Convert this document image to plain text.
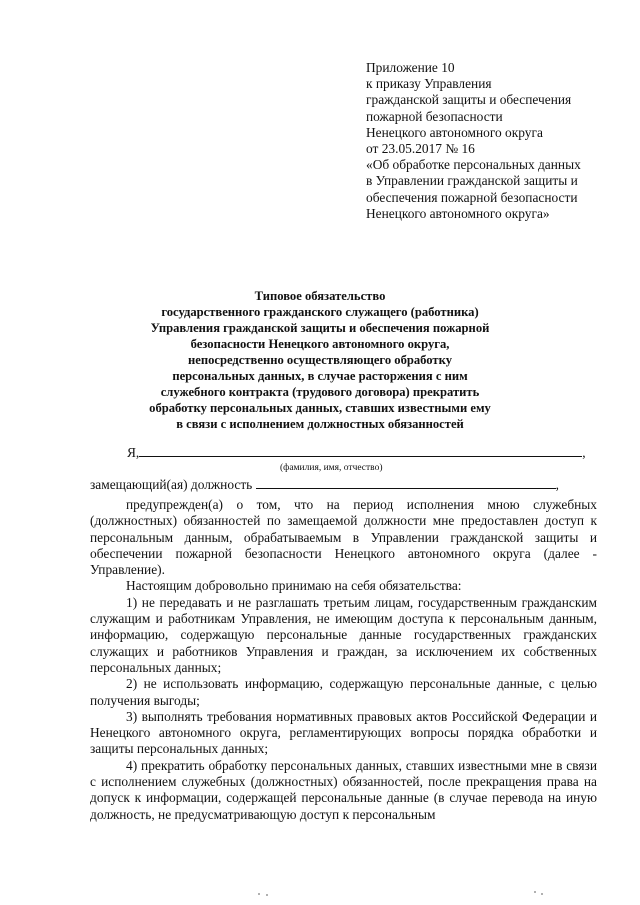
Приложение 10
к приказу Управления
гражданской защиты и обеспечения
пожарной безопасности
Ненецкого автономного округа
от 23.05.2017 № 16
«Об обработке персональных данных
в Управлении гражданской защиты и
обеспечения пожарной безопасности
Ненецкого автономного округа»
Типовое обязательство
государственного гражданского служащего (работника)
Управления гражданской защиты и обеспечения пожарной
безопасности Ненецкого автономного округа,
непосредственно осуществляющего обработку
персональных данных, в случае расторжения с ним
служебного контракта (трудового договора) прекратить
обработку персональных данных, ставших известными ему
в связи с исполнением должностных обязанностей
Я,	,
(фамилия, имя, отчество)
замещающий(ая) должность	,

предупрежден(а) о том, что на период исполнения мною служебных (должностных) обязанностей по замещаемой должности мне предоставлен доступ к персональным данным, обрабатываемым в Управлении гражданской защиты и обеспечении пожарной безопасности Ненецкого автономного округа (далее - Управление).

Настоящим добровольно принимаю на себя обязательства:

1) не передавать и не разглашать третьим лицам, государственным гражданским служащим и работникам Управления, не имеющим доступа к персональным данным, информацию, содержащую персональные данные государственных гражданских служащих и работников Управления и граждан, за исключением их собственных персональных данных;

2) не использовать информацию, содержащую персональные данные, с целью получения выгоды;

3) выполнять требования нормативных правовых актов Российской Федерации и Ненецкого автономного округа, регламентирующих вопросы порядка обработки и защиты персональных данных;

4) прекратить обработку персональных данных, ставших известными мне в связи с исполнением служебных (должностных) обязанностей, после прекращения права на допуск к информации, содержащей персональные данные (в случае перевода на иную должность, не предусматривающую доступ к персональным
